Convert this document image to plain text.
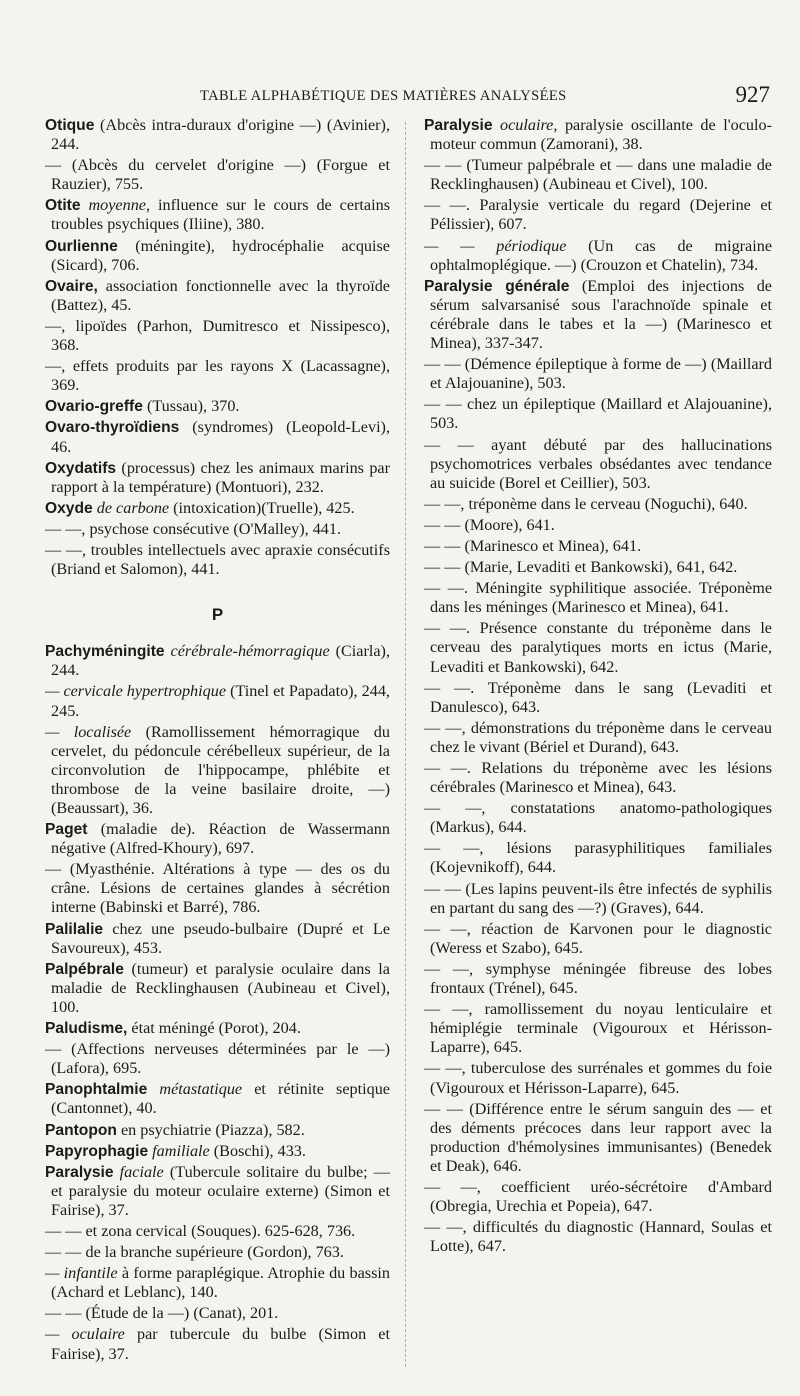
TABLE ALPHABÉTIQUE DES MATIÈRES ANALYSÉES	927

Otique (Abcès intra-duraux d'origine —) (Avinier), 244.

— (Abcès du cervelet d'origine —) (Forgue et Rauzier), 755.

Otite moyenne, influence sur le cours de certains troubles psychiques (Iliine), 380.

Ourlienne (méningite), hydrocéphalie acquise (Sicard), 706.

Ovaire, association fonctionnelle avec la thyroïde (Battez), 45.

—, lipoïdes (Parhon, Dumitresco et Nissipesco), 368.

—, effets produits par les rayons X (Lacassagne), 369.

Ovario-greffe (Tussau), 370.

Ovaro-thyroïdiens (syndromes) (Leopold-Levi), 46.

Oxydatifs (processus) chez les animaux marins par rapport à la température) (Montuori), 232.

Oxyde de carbone (intoxication)(Truelle), 425.

— —, psychose consécutive (O'Malley), 441.

— —, troubles intellectuels avec apraxie consécutifs (Briand et Salomon), 441.

P

Pachyméningite cérébrale-hémorragique (Ciarla), 244.

— cervicale hypertrophique (Tinel et Papadato), 244, 245.

— localisée (Ramollissement hémorragique du cervelet, du pédoncule cérébelleux supérieur, de la circonvolution de l'hippocampe, phlébite et thrombose de la veine basilaire droite, —) (Beaussart), 36.

Paget (maladie de). Réaction de Wassermann négative (Alfred-Khoury), 697.

— (Myasthénie. Altérations à type — des os du crâne. Lésions de certaines glandes à sécrétion interne (Babinski et Barré), 786.

Palilalie chez une pseudo-bulbaire (Dupré et Le Savoureux), 453.

Palpébrale (tumeur) et paralysie oculaire dans la maladie de Recklinghausen (Aubineau et Civel), 100.

Paludisme, état méningé (Porot), 204.

— (Affections nerveuses déterminées par le —) (Lafora), 695.

Panophtalmie métastatique et rétinite septique (Cantonnet), 40.

Pantopon en psychiatrie (Piazza), 582.

Papyrophagie familiale (Boschi), 433.

Paralysie faciale (Tubercule solitaire du bulbe; — et paralysie du moteur oculaire externe) (Simon et Fairise), 37.

— — et zona cervical (Souques). 625-628, 736.

— — de la branche supérieure (Gordon), 763.

— infantile à forme paraplégique. Atrophie du bassin (Achard et Leblanc), 140.

— — (Étude de la —) (Canat), 201.

— oculaire par tubercule du bulbe (Simon et Fairise), 37.

Paralysie oculaire, paralysie oscillante de l'oculo-moteur commun (Zamorani), 38.

— — (Tumeur palpébrale et — dans une maladie de Recklinghausen) (Aubineau et Civel), 100.

— —. Paralysie verticale du regard (Dejerine et Pélissier), 607.

— — périodique (Un cas de migraine ophtalmoplégique. —) (Crouzon et Chatelin), 734.

Paralysie générale (Emploi des injections de sérum salvarsanisé sous l'arachnoïde spinale et cérébrale dans le tabes et la —) (Marinesco et Minea), 337-347.

— — (Démence épileptique à forme de —) (Maillard et Alajouanine), 503.

— — chez un épileptique (Maillard et Alajouanine), 503.

— — ayant débuté par des hallucinations psychomotrices verbales obsédantes avec tendance au suicide (Borel et Ceillier), 503.

— —, tréponème dans le cerveau (Noguchi), 640.

— — (Moore), 641.

— — (Marinesco et Minea), 641.

— — (Marie, Levaditi et Bankowski), 641, 642.

— —. Méningite syphilitique associée. Tréponème dans les méninges (Marinesco et Minea), 641.

— —. Présence constante du tréponème dans le cerveau des paralytiques morts en ictus (Marie, Levaditi et Bankowski), 642.

— —. Tréponème dans le sang (Levaditi et Danulesco), 643.

— —, démonstrations du tréponème dans le cerveau chez le vivant (Bériel et Durand), 643.

— —. Relations du tréponème avec les lésions cérébrales (Marinesco et Minea), 643.

— —, constatations anatomo-pathologiques (Markus), 644.

— —, lésions parasyphilitiques familiales (Kojevnikoff), 644.

— — (Les lapins peuvent-ils être infectés de syphilis en partant du sang des —?) (Graves), 644.

— —, réaction de Karvonen pour le diagnostic (Weress et Szabo), 645.

— —, symphyse méningée fibreuse des lobes frontaux (Trénel), 645.

— —, ramollissement du noyau lenticulaire et hémiplégie terminale (Vigouroux et Hérisson-Laparre), 645.

— —, tuberculose des surrénales et gommes du foie (Vigouroux et Hérisson-Laparre), 645.

— — (Différence entre le sérum sanguin des — et des déments précoces dans leur rapport avec la production d'hémolysines immunisantes) (Benedek et Deak), 646.

— —, coefficient uréo-sécrétoire d'Ambard (Obregia, Urechia et Popeia), 647.

— —, difficultés du diagnostic (Hannard, Soulas et Lotte), 647.
